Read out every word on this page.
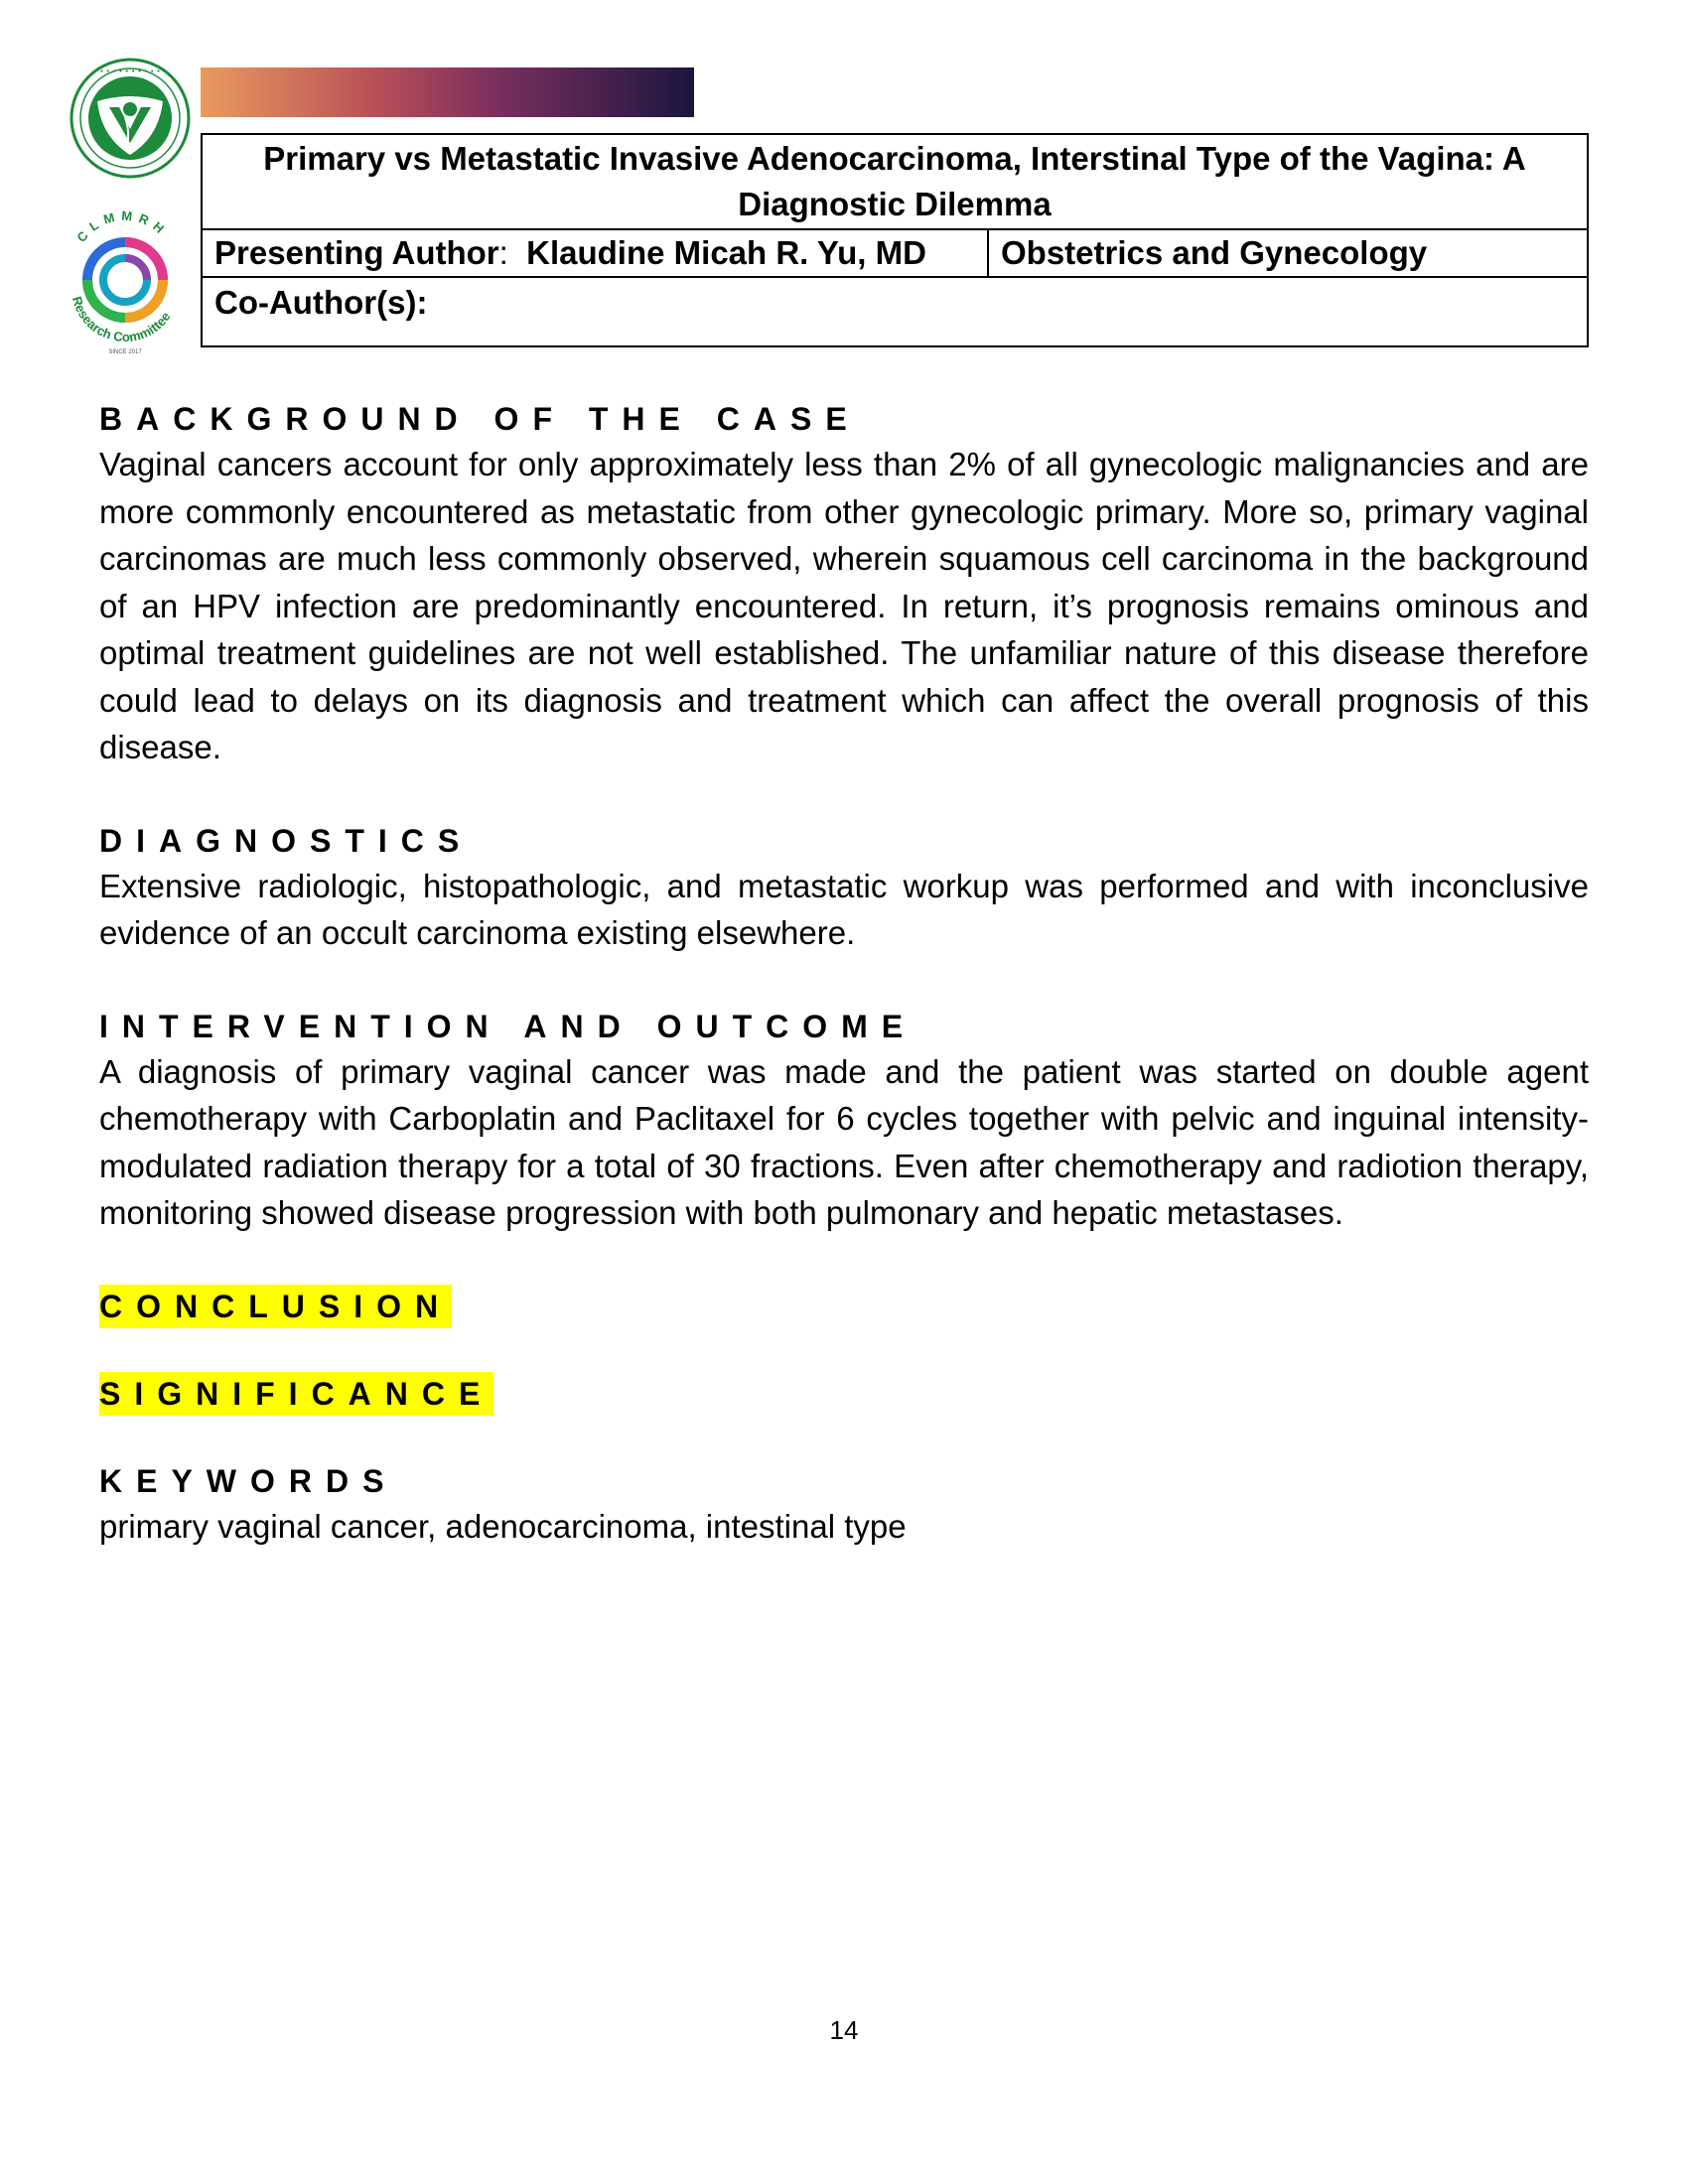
• • • • • • • • • •
CLMMRH
Research Committee
SINCE 2017
Primary vs Metastatic Invasive Adenocarcinoma, Interstinal Type of the Vagina: A Diagnostic Dilemma
Presenting Author: Klaudine Micah R. Yu, MD	Obstetrics and Gynecology
Co-Author(s):
BACKGROUND OF THE CASE

Vaginal cancers account for only approximately less than 2% of all gynecologic malignancies and are more commonly encountered as metastatic from other gynecologic primary. More so, primary vaginal carcinomas are much less commonly observed, wherein squamous cell carcinoma in the background of an HPV infection are predominantly encountered. In return, it’s prognosis remains ominous and optimal treatment guidelines are not well established. The unfamiliar nature of this disease therefore could lead to delays on its diagnosis and treatment which can affect the overall prognosis of this disease.

DIAGNOSTICS

Extensive radiologic, histopathologic, and metastatic workup was performed and with inconclusive evidence of an occult carcinoma existing elsewhere.

INTERVENTION AND OUTCOME

A diagnosis of primary vaginal cancer was made and the patient was started on double agent chemotherapy with Carboplatin and Paclitaxel for 6 cycles together with pelvic and inguinal intensity-modulated radiation therapy for a total of 30 fractions. Even after chemotherapy and radiotion therapy, monitoring showed disease progression with both pulmonary and hepatic metastases.

CONCLUSION
SIGNIFICANCE
KEYWORDS

primary vaginal cancer, adenocarcinoma, intestinal type

14
